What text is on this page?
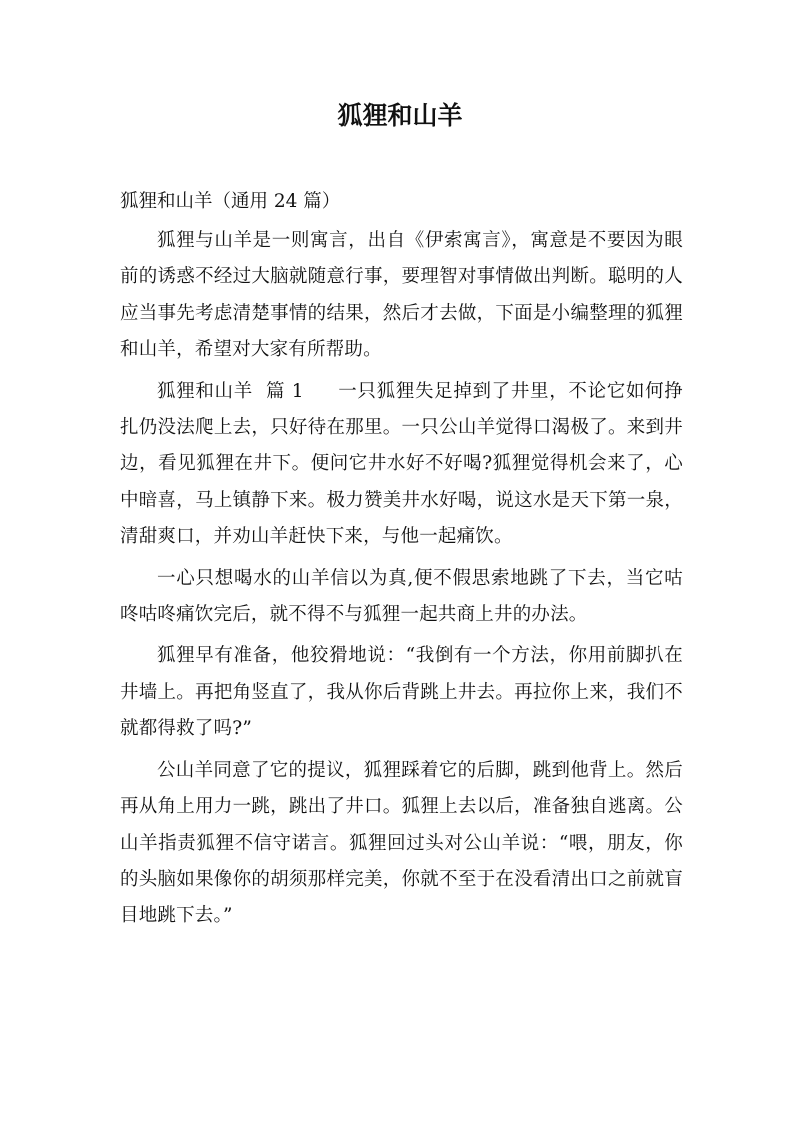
狐狸和山羊

狐狸和山羊（通用 24 篇）

狐狸与山羊是一则寓言，出自《伊索寓言》，寓意是不要因为眼前的诱惑不经过大脑就随意行事，要理智对事情做出判断。聪明的人应当事先考虑清楚事情的结果，然后才去做，下面是小编整理的狐狸和山羊，希望对大家有所帮助。

狐狸和山羊  篇 1 一只狐狸失足掉到了井里，不论它如何挣扎仍没法爬上去，只好待在那里。一只公山羊觉得口渴极了。来到井边，看见狐狸在井下。便问它井水好不好喝?狐狸觉得机会来了，心中暗喜，马上镇静下来。极力赞美井水好喝，说这水是天下第一泉，清甜爽口，并劝山羊赶快下来，与他一起痛饮。

一心只想喝水的山羊信以为真,便不假思索地跳了下去，当它咕咚咕咚痛饮完后，就不得不与狐狸一起共商上井的办法。

狐狸早有准备，他狡猾地说：“我倒有一个方法，你用前脚扒在井墙上。再把角竖直了，我从你后背跳上井去。再拉你上来，我们不就都得救了吗?”

公山羊同意了它的提议，狐狸踩着它的后脚，跳到他背上。然后再从角上用力一跳，跳出了井口。狐狸上去以后，准备独自逃离。公山羊指责狐狸不信守诺言。狐狸回过头对公山羊说：“喂，朋友，你的头脑如果像你的胡须那样完美，你就不至于在没看清出口之前就盲目地跳下去。”
